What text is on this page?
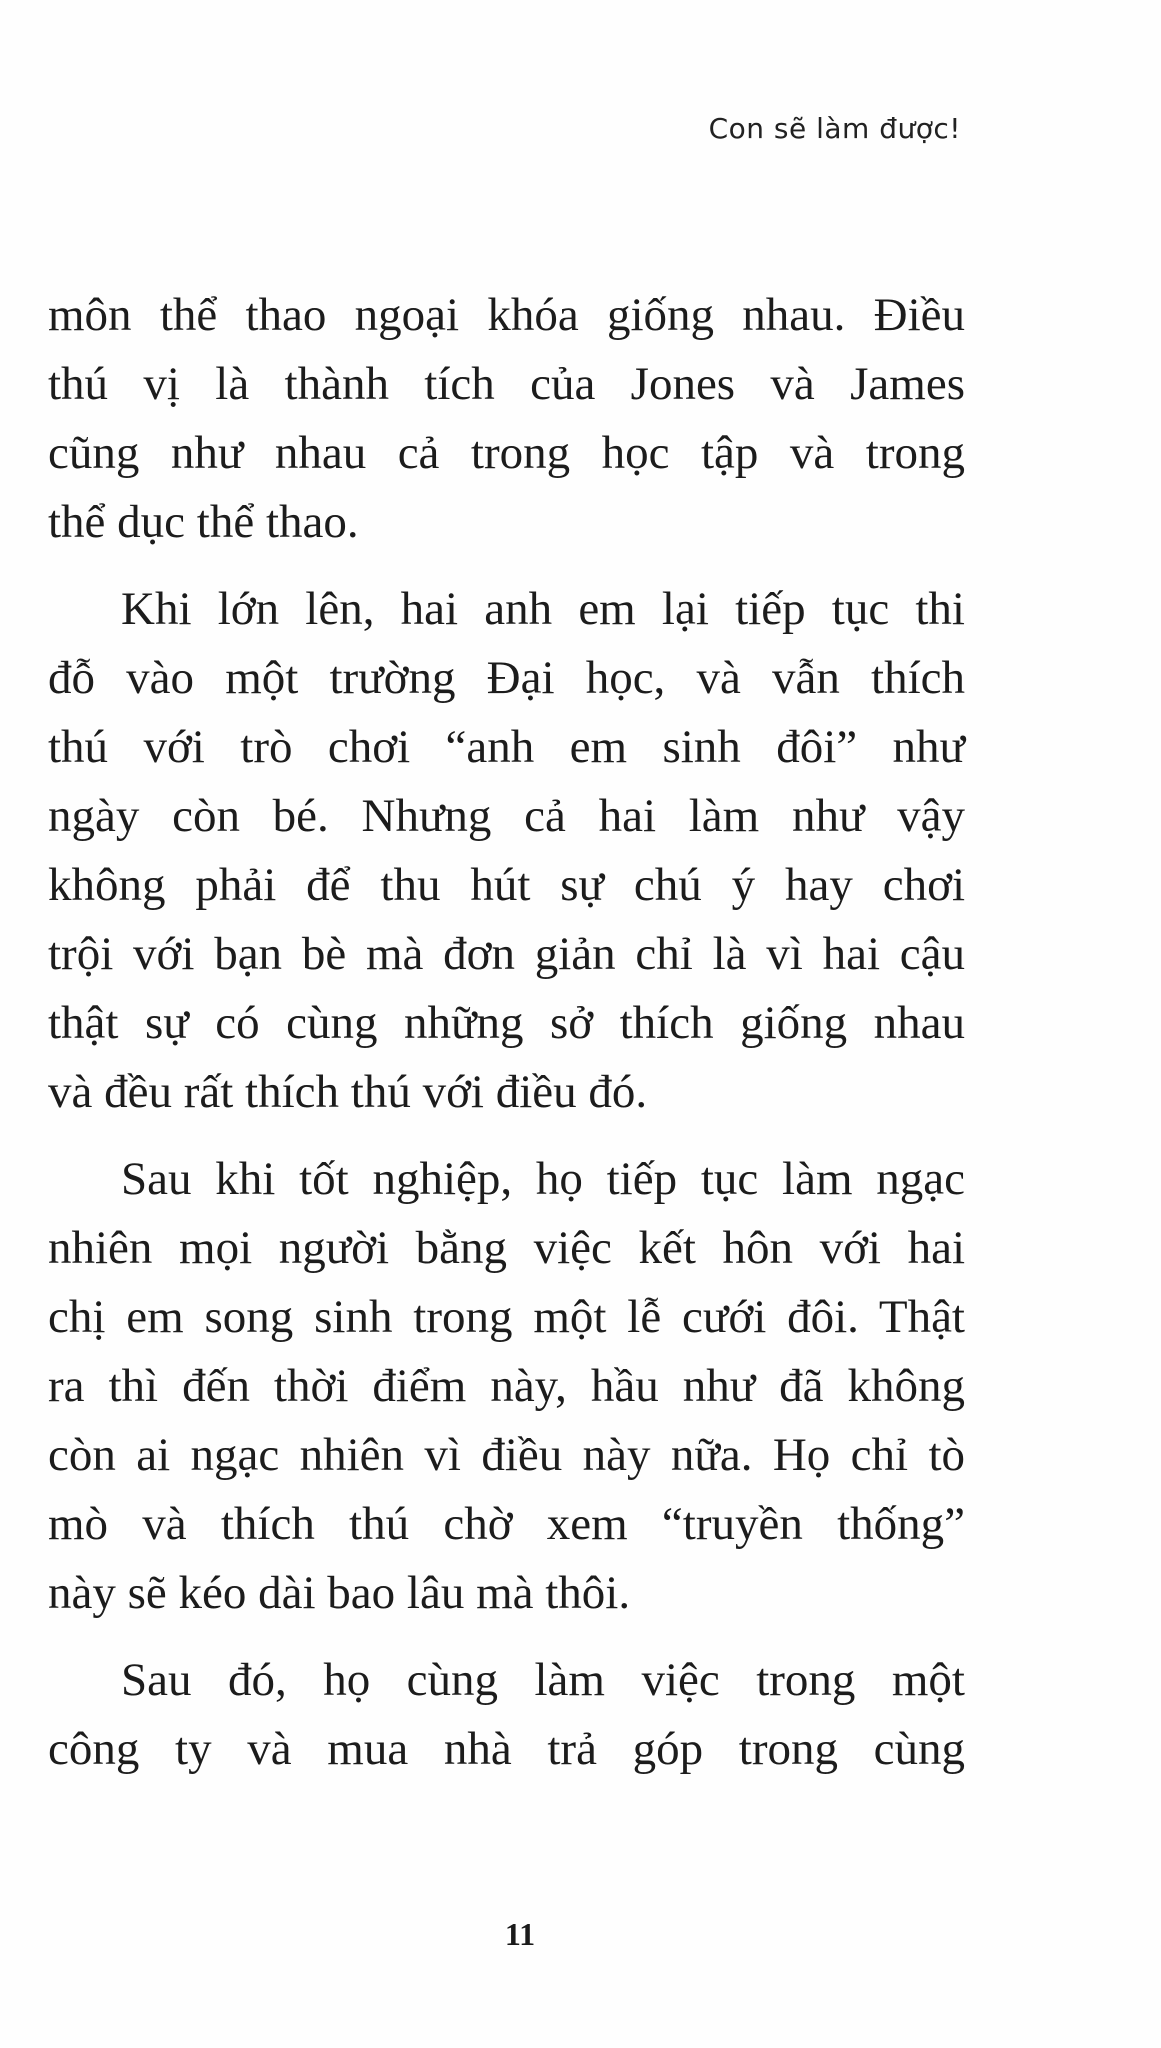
Con sẽ làm được!

môn thể thao ngoại khóa giống nhau. Điều
thú vị là thành tích của Jones và James
cũng như nhau cả trong học tập và trong
thể dục thể thao.

Khi lớn lên, hai anh em lại tiếp tục thi
đỗ vào một trường Đại học, và vẫn thích
thú với trò chơi “anh em sinh đôi” như
ngày còn bé. Nhưng cả hai làm như vậy
không phải để thu hút sự chú ý hay chơi
trội với bạn bè mà đơn giản chỉ là vì hai cậu
thật sự có cùng những sở thích giống nhau
và đều rất thích thú với điều đó.

Sau khi tốt nghiệp, họ tiếp tục làm ngạc
nhiên mọi người bằng việc kết hôn với hai
chị em song sinh trong một lễ cưới đôi. Thật
ra thì đến thời điểm này, hầu như đã không
còn ai ngạc nhiên vì điều này nữa. Họ chỉ tò
mò và thích thú chờ xem “truyền thống”
này sẽ kéo dài bao lâu mà thôi.

Sau đó, họ cùng làm việc trong một
công ty và mua nhà trả góp trong cùng

11
